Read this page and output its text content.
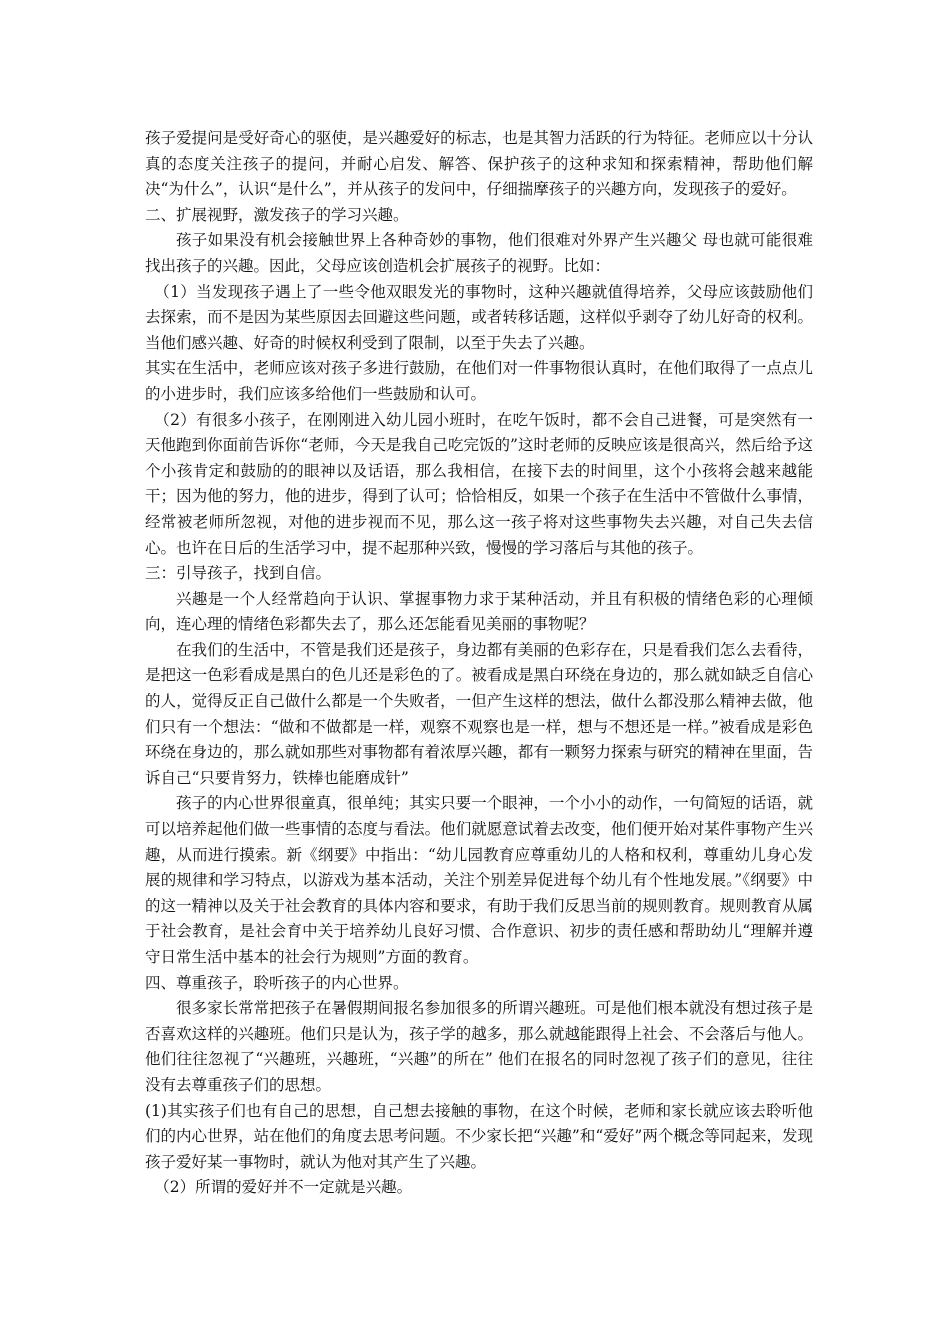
孩子爱提问是受好奇心的驱使，是兴趣爱好的标志，也是其智力活跃的行为特征。老师应以十分认真的态度关注孩子的提问，并耐心启发、解答、保护孩子的这种求知和探索精神，帮助他们解决“为什么”，认识“是什么”，并从孩子的发问中，仔细揣摩孩子的兴趣方向，发现孩子的爱好。

二、扩展视野，激发孩子的学习兴趣。

孩子如果没有机会接触世界上各种奇妙的事物，他们很难对外界产生兴趣父 母也就可能很难找出孩子的兴趣。因此，父母应该创造机会扩展孩子的视野。比如：

（1）当发现孩子遇上了一些令他双眼发光的事物时，这种兴趣就值得培养，父母应该鼓励他们去探索，而不是因为某些原因去回避这些问题，或者转移话题，这样似乎剥夺了幼儿好奇的权利。当他们感兴趣、好奇的时候权利受到了限制，以至于失去了兴趣。

其实在生活中，老师应该对孩子多进行鼓励，在他们对一件事物很认真时，在他们取得了一点点儿的小进步时，我们应该多给他们一些鼓励和认可。

（2）有很多小孩子，在刚刚进入幼儿园小班时，在吃午饭时，都不会自己进餐，可是突然有一天他跑到你面前告诉你“老师，今天是我自己吃完饭的”这时老师的反映应该是很高兴，然后给予这个小孩肯定和鼓励的的眼神以及话语，那么我相信，在接下去的时间里，这个小孩将会越来越能干；因为他的努力，他的进步，得到了认可；恰恰相反，如果一个孩子在生活中不管做什么事情，经常被老师所忽视，对他的进步视而不见，那么这一孩子将对这些事物失去兴趣，对自己失去信心。也许在日后的生活学习中，提不起那种兴致，慢慢的学习落后与其他的孩子。

三：引导孩子，找到自信。

兴趣是一个人经常趋向于认识、掌握事物力求于某种活动，并且有积极的情绪色彩的心理倾向，连心理的情绪色彩都失去了，那么还怎能看见美丽的事物呢？

在我们的生活中，不管是我们还是孩子，身边都有美丽的色彩存在，只是看我们怎么去看待，是把这一色彩看成是黑白的色儿还是彩色的了。被看成是黑白环绕在身边的，那么就如缺乏自信心的人，觉得反正自己做什么都是一个失败者，一但产生这样的想法，做什么都没那么精神去做，他们只有一个想法：“做和不做都是一样，观察不观察也是一样，想与不想还是一样。”被看成是彩色环绕在身边的，那么就如那些对事物都有着浓厚兴趣，都有一颗努力探索与研究的精神在里面，告诉自己“只要肯努力，铁棒也能磨成针”

孩子的内心世界很童真，很单纯；其实只要一个眼神，一个小小的动作，一句简短的话语，就可以培养起他们做一些事情的态度与看法。他们就愿意试着去改变，他们便开始对某件事物产生兴趣，从而进行摸索。新《纲要》中指出：“幼儿园教育应尊重幼儿的人格和权利，尊重幼儿身心发展的规律和学习特点，以游戏为基本活动，关注个别差异促进每个幼儿有个性地发展。”《纲要》中的这一精神以及关于社会教育的具体内容和要求，有助于我们反思当前的规则教育。规则教育从属于社会教育，是社会育中关于培养幼儿良好习惯、合作意识、初步的责任感和帮助幼儿“理解并遵守日常生活中基本的社会行为规则”方面的教育。

四、尊重孩子，聆听孩子的内心世界。

很多家长常常把孩子在暑假期间报名参加很多的所谓兴趣班。可是他们根本就没有想过孩子是否喜欢这样的兴趣班。他们只是认为，孩子学的越多，那么就越能跟得上社会、不会落后与他人。他们往往忽视了“兴趣班，兴趣班，“兴趣”的所在” 他们在报名的同时忽视了孩子们的意见，往往没有去尊重孩子们的思想。

(1)其实孩子们也有自己的思想，自己想去接触的事物，在这个时候，老师和家长就应该去聆听他们的内心世界，站在他们的角度去思考问题。不少家长把“兴趣”和“爱好”两个概念等同起来，发现孩子爱好某一事物时，就认为他对其产生了兴趣。

（2）所谓的爱好并不一定就是兴趣。
